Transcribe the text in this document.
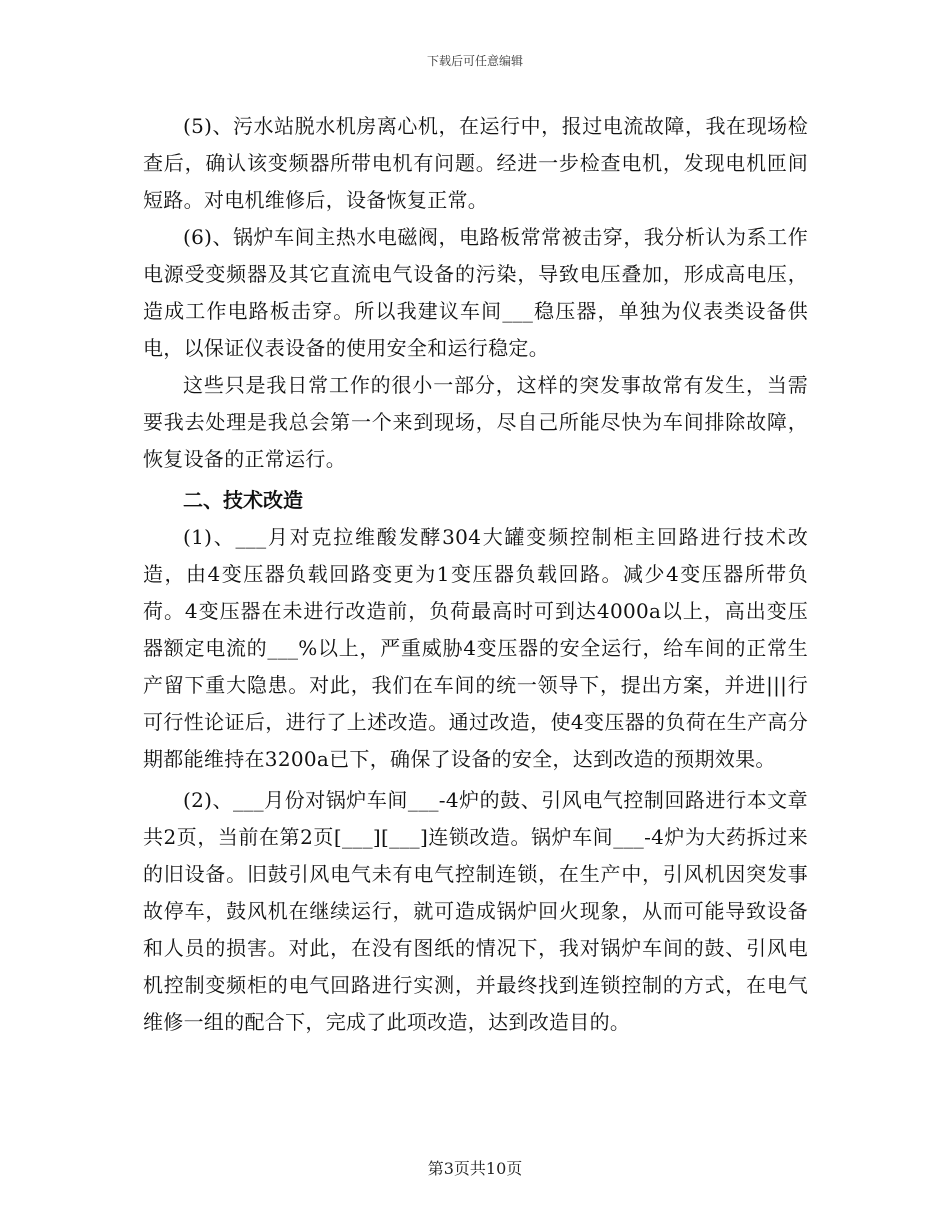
下载后可任意编辑

(5)、污水站脱水机房离心机，在运行中，报过电流故障，我在现场检查后，确认该变频器所带电机有问题。经进一步检查电机，发现电机匝间短路。对电机维修后，设备恢复正常。

(6)、锅炉车间主热水电磁阀，电路板常常被击穿，我分析认为系工作电源受变频器及其它直流电气设备的污染，导致电压叠加，形成高电压，造成工作电路板击穿。所以我建议车间___稳压器，单独为仪表类设备供电，以保证仪表设备的使用安全和运行稳定。

这些只是我日常工作的很小一部分，这样的突发事故常有发生，当需要我去处理是我总会第一个来到现场，尽自己所能尽快为车间排除故障，恢复设备的正常运行。

二、技术改造

(1)、___月对克拉维酸发酵304大罐变频控制柜主回路进行技术改造，由4变压器负载回路变更为1变压器负载回路。减少4变压器所带负荷。4变压器在未进行改造前，负荷最高时可到达4000a以上，高出变压器额定电流的___%以上，严重威胁4变压器的安全运行，给车间的正常生产留下重大隐患。对此，我们在车间的统一领导下，提出方案，并进|||行可行性论证后，进行了上述改造。通过改造，使4变压器的负荷在生产高分期都能维持在3200a已下，确保了设备的安全，达到改造的预期效果。

(2)、___月份对锅炉车间___-4炉的鼓、引风电气控制回路进行本文章共2页，当前在第2页[___][___]连锁改造。锅炉车间___-4炉为大药拆过来的旧设备。旧鼓引风电气未有电气控制连锁，在生产中，引风机因突发事故停车，鼓风机在继续运行，就可造成锅炉回火现象，从而可能导致设备和人员的损害。对此，在没有图纸的情况下，我对锅炉车间的鼓、引风电机控制变频柜的电气回路进行实测，并最终找到连锁控制的方式，在电气维修一组的配合下，完成了此项改造，达到改造目的。

第3页共10页
